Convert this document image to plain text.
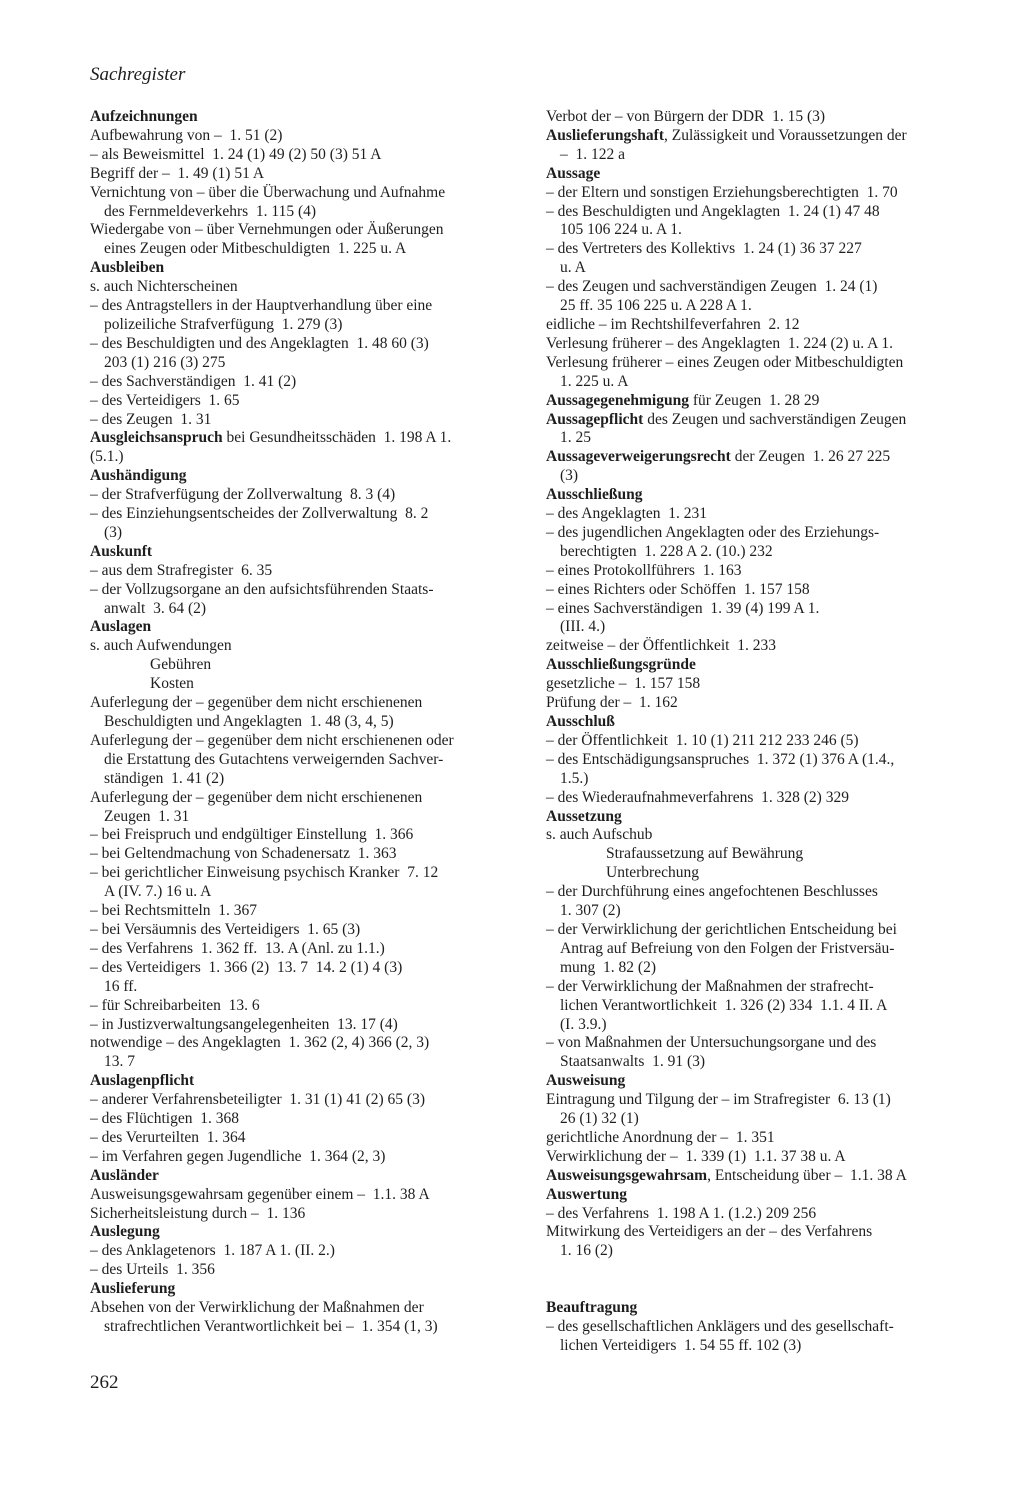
Sachregister
Aufzeichnungen
Aufbewahrung von –  1. 51 (2)
– als Beweismittel  1. 24 (1) 49 (2) 50 (3) 51 A
Begriff der –  1. 49 (1) 51 A
Vernichtung von – über die Überwachung und Aufnahme
des Fernmeldeverkehrs  1. 115 (4)
Wiedergabe von – über Vernehmungen oder Äußerungen
eines Zeugen oder Mitbeschuldigten  1. 225 u. A
Ausbleiben
s. auch Nichterscheinen
– des Antragstellers in der Hauptverhandlung über eine
polizeiliche Strafverfügung  1. 279 (3)
– des Beschuldigten und des Angeklagten  1. 48 60 (3)
203 (1) 216 (3) 275
– des Sachverständigen  1. 41 (2)
– des Verteidigers  1. 65
– des Zeugen  1. 31
Ausgleichsanspruch bei Gesundheitsschäden  1. 198 A 1.
(5.1.)
Aushändigung
– der Strafverfügung der Zollverwaltung  8. 3 (4)
– des Einziehungsentscheides der Zollverwaltung  8. 2
(3)
Auskunft
– aus dem Strafregister  6. 35
– der Vollzugsorgane an den aufsichtsführenden Staats-
anwalt  3. 64 (2)
Auslagen
s. auch Aufwendungen
Gebühren
Kosten
Auferlegung der – gegenüber dem nicht erschienenen
Beschuldigten und Angeklagten  1. 48 (3, 4, 5)
Auferlegung der – gegenüber dem nicht erschienenen oder
die Erstattung des Gutachtens verweigernden Sachver-
ständigen  1. 41 (2)
Auferlegung der – gegenüber dem nicht erschienenen
Zeugen  1. 31
– bei Freispruch und endgültiger Einstellung  1. 366
– bei Geltendmachung von Schadenersatz  1. 363
– bei gerichtlicher Einweisung psychisch Kranker  7. 12
A (IV. 7.) 16 u. A
– bei Rechtsmitteln  1. 367
– bei Versäumnis des Verteidigers  1. 65 (3)
– des Verfahrens  1. 362 ff.  13. A (Anl. zu 1.1.)
– des Verteidigers  1. 366 (2)  13. 7  14. 2 (1) 4 (3)
16 ff.
– für Schreibarbeiten  13. 6
– in Justizverwaltungsangelegenheiten  13. 17 (4)
notwendige – des Angeklagten  1. 362 (2, 4) 366 (2, 3)
13. 7
Auslagenpflicht
– anderer Verfahrensbeteiligter  1. 31 (1) 41 (2) 65 (3)
– des Flüchtigen  1. 368
– des Verurteilten  1. 364
– im Verfahren gegen Jugendliche  1. 364 (2, 3)
Ausländer
Ausweisungsgewahrsam gegenüber einem –  1.1. 38 A
Sicherheitsleistung durch –  1. 136
Auslegung
– des Anklagetenors  1. 187 A 1. (II. 2.)
– des Urteils  1. 356
Auslieferung
Absehen von der Verwirklichung der Maßnahmen der
strafrechtlichen Verantwortlichkeit bei –  1. 354 (1, 3)
Verbot der – von Bürgern der DDR  1. 15 (3)
Auslieferungshaft, Zulässigkeit und Voraussetzungen der
–  1. 122 a
Aussage
– der Eltern und sonstigen Erziehungsberechtigten  1. 70
– des Beschuldigten und Angeklagten  1. 24 (1) 47 48
105 106 224 u. A 1.
– des Vertreters des Kollektivs  1. 24 (1) 36 37 227
u. A
– des Zeugen und sachverständigen Zeugen  1. 24 (1)
25 ff. 35 106 225 u. A 228 A 1.
eidliche – im Rechtshilfeverfahren  2. 12
Verlesung früherer – des Angeklagten  1. 224 (2) u. A 1.
Verlesung früherer – eines Zeugen oder Mitbeschuldigten
1. 225 u. A
Aussagegenehmigung für Zeugen  1. 28 29
Aussagepflicht des Zeugen und sachverständigen Zeugen
1. 25
Aussageverweigerungsrecht der Zeugen  1. 26 27 225
(3)
Ausschließung
– des Angeklagten  1. 231
– des jugendlichen Angeklagten oder des Erziehungs-
berechtigten  1. 228 A 2. (10.) 232
– eines Protokollführers  1. 163
– eines Richters oder Schöffen  1. 157 158
– eines Sachverständigen  1. 39 (4) 199 A 1.
(III. 4.)
zeitweise – der Öffentlichkeit  1. 233
Ausschließungsgründe
gesetzliche –  1. 157 158
Prüfung der –  1. 162
Ausschluß
– der Öffentlichkeit  1. 10 (1) 211 212 233 246 (5)
– des Entschädigungsanspruches  1. 372 (1) 376 A (1.4.,
1.5.)
– des Wiederaufnahmeverfahrens  1. 328 (2) 329
Aussetzung
s. auch Aufschub
Strafaussetzung auf Bewährung
Unterbrechung
– der Durchführung eines angefochtenen Beschlusses
1. 307 (2)
– der Verwirklichung der gerichtlichen Entscheidung bei
Antrag auf Befreiung von den Folgen der Fristversäu-
mung  1. 82 (2)
– der Verwirklichung der Maßnahmen der strafrecht-
lichen Verantwortlichkeit  1. 326 (2) 334  1.1. 4 II. A
(I. 3.9.)
– von Maßnahmen der Untersuchungsorgane und des
Staatsanwalts  1. 91 (3)
Ausweisung
Eintragung und Tilgung der – im Strafregister  6. 13 (1)
26 (1) 32 (1)
gerichtliche Anordnung der –  1. 351
Verwirklichung der –  1. 339 (1)  1.1. 37 38 u. A
Ausweisungsgewahrsam, Entscheidung über –  1.1. 38 A
Auswertung
– des Verfahrens  1. 198 A 1. (1.2.) 209 256
Mitwirkung des Verteidigers an der – des Verfahrens
1. 16 (2)
Beauftragung
– des gesellschaftlichen Anklägers und des gesellschaft-
lichen Verteidigers  1. 54 55 ff. 102 (3)
262
